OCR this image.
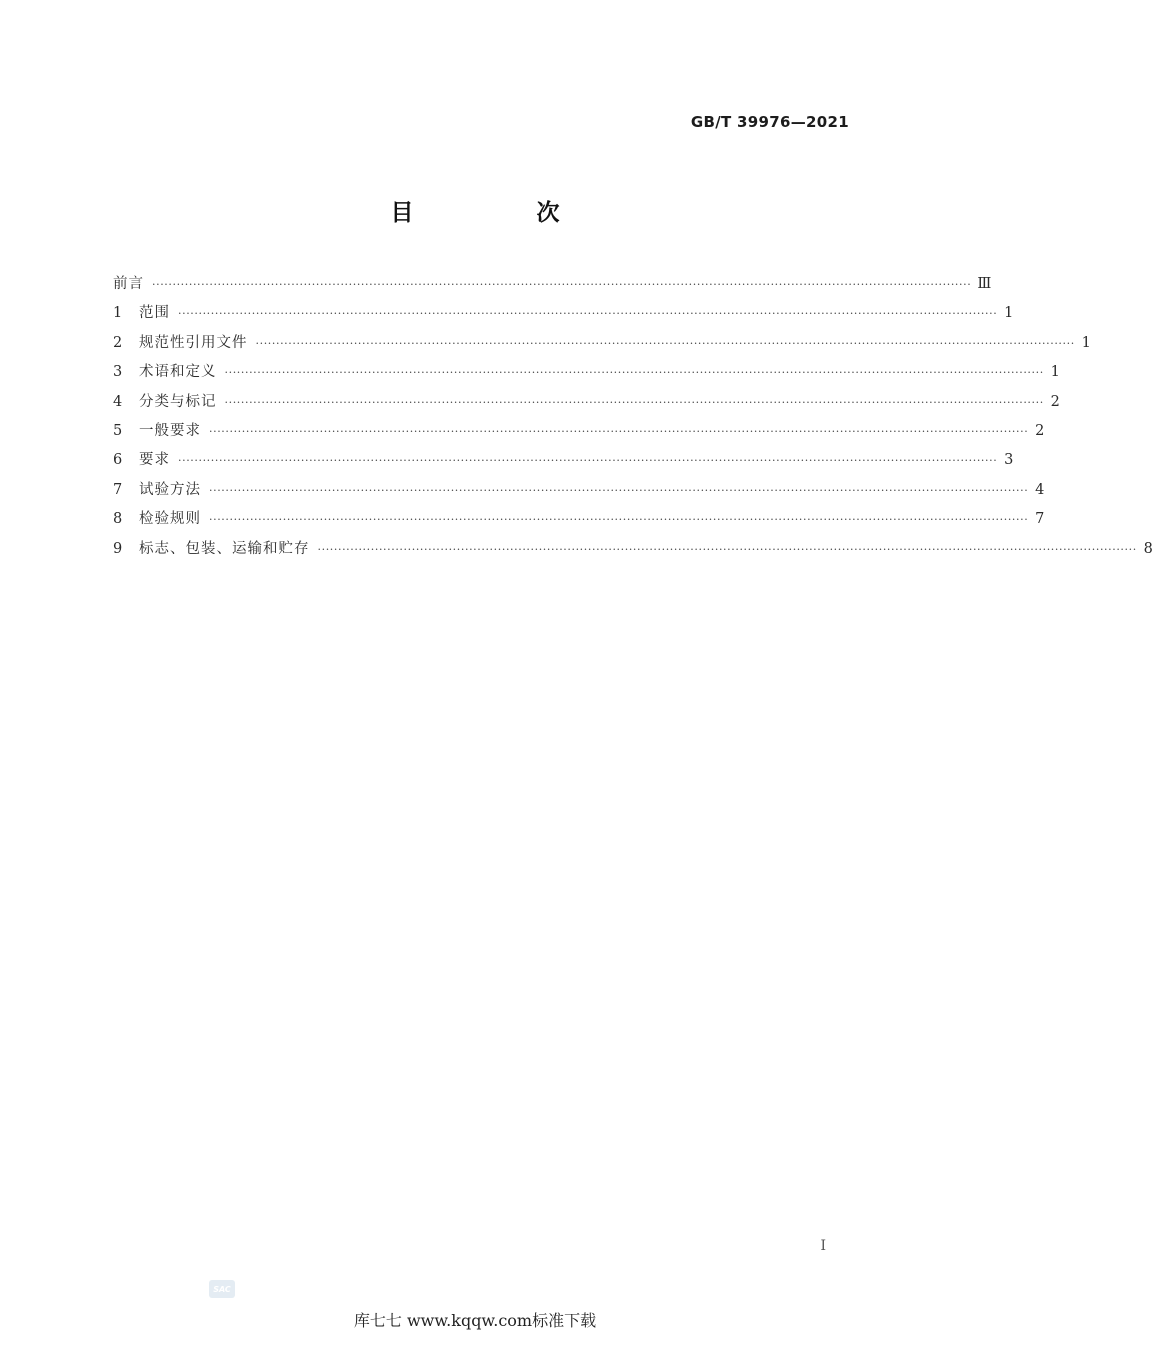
GB/T 39976—2021
目　次
前言 ········································································································································································································ Ⅲ
1	范围 ········································································································································································································ 1
2	规范性引用文件 ········································································································································································································ 1
3	术语和定义 ········································································································································································································ 1
4	分类与标记 ········································································································································································································ 2
5	一般要求 ········································································································································································································ 2
6	要求 ········································································································································································································ 3
7	试验方法 ········································································································································································································ 4
8	检验规则 ········································································································································································································ 7
9	标志、包装、运输和贮存 ········································································································································································································ 8
I
SAC
库七七 www.kqqw.com标准下载
